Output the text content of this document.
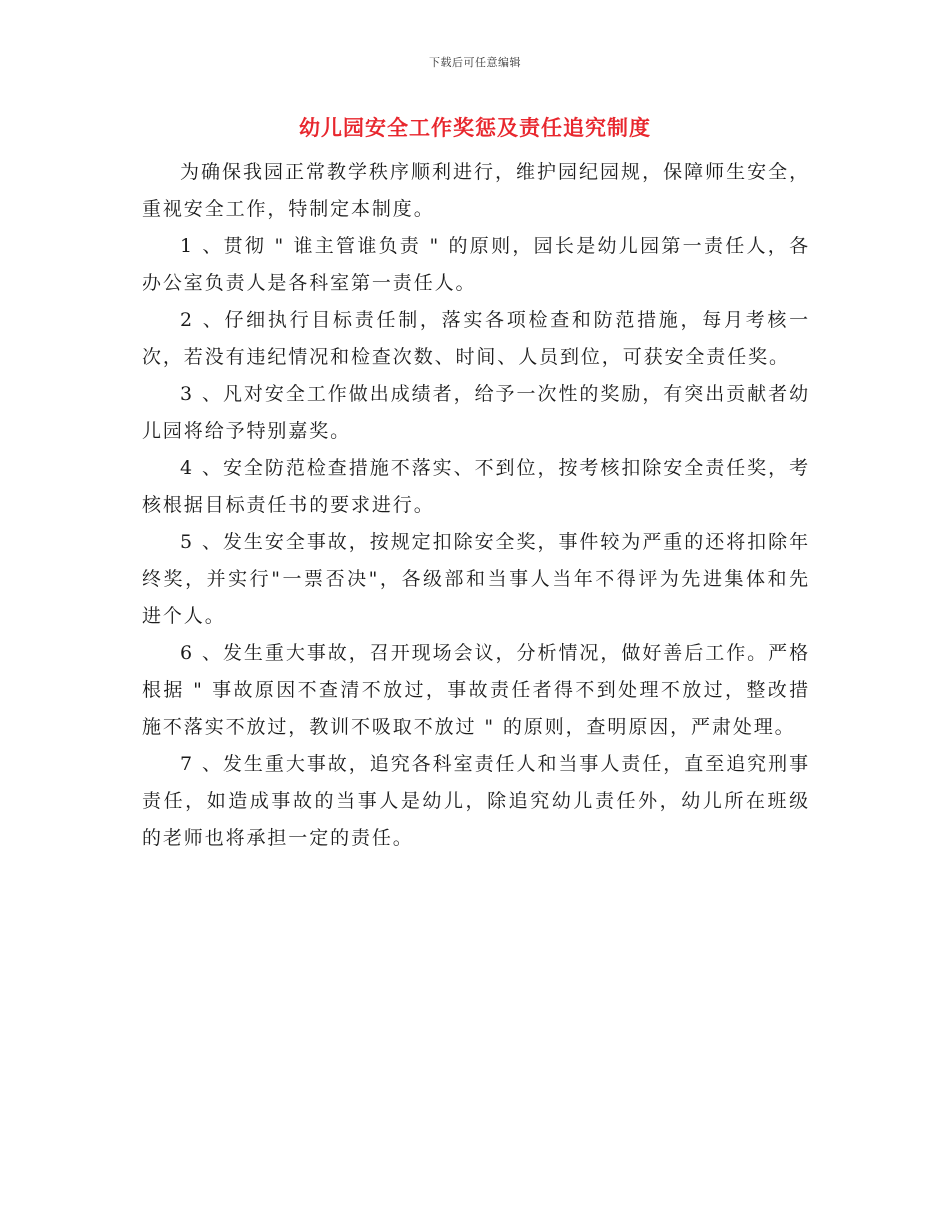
下载后可任意编辑
幼儿园安全工作奖惩及责任追究制度

为确保我园正常教学秩序顺利进行，维护园纪园规，保障师生安全，重视安全工作，特制定本制度。

1 、贯彻 " 谁主管谁负责 " 的原则，园长是幼儿园第一责任人，各办公室负责人是各科室第一责任人。

2 、仔细执行目标责任制，落实各项检查和防范措施，每月考核一次，若没有违纪情况和检查次数、时间、人员到位，可获安全责任奖。

3 、凡对安全工作做出成绩者，给予一次性的奖励，有突出贡献者幼儿园将给予特别嘉奖。

4 、安全防范检查措施不落实、不到位，按考核扣除安全责任奖，考核根据目标责任书的要求进行。

5 、发生安全事故，按规定扣除安全奖，事件较为严重的还将扣除年终奖，并实行"一票否决"，各级部和当事人当年不得评为先进集体和先进个人。

6 、发生重大事故，召开现场会议，分析情况，做好善后工作。严格根据 " 事故原因不查清不放过，事故责任者得不到处理不放过，整改措施不落实不放过，教训不吸取不放过 " 的原则，查明原因，严肃处理。

7 、发生重大事故，追究各科室责任人和当事人责任，直至追究刑事责任，如造成事故的当事人是幼儿，除追究幼儿责任外，幼儿所在班级的老师也将承担一定的责任。
